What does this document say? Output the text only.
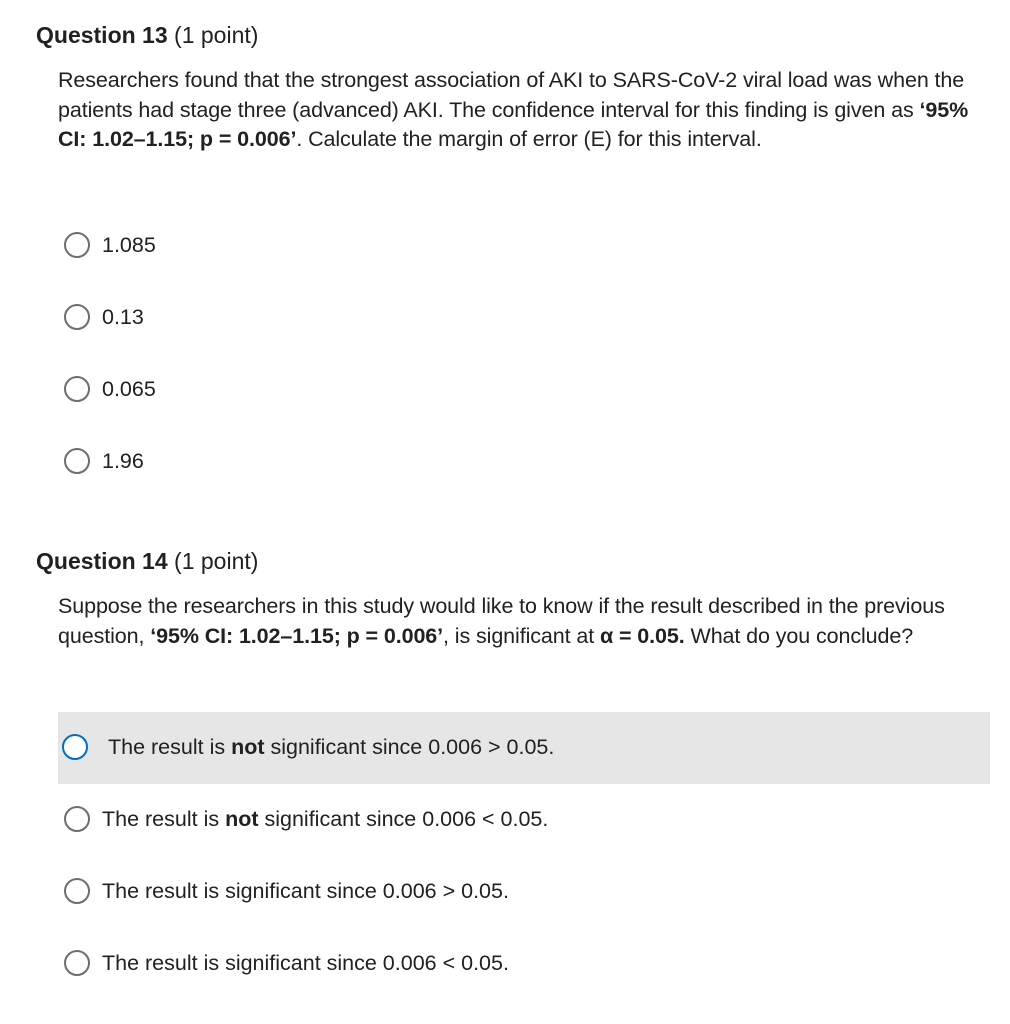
Question 13 (1 point)
Researchers found that the strongest association of AKI to SARS-CoV-2 viral load was when the patients had stage three (advanced) AKI. The confidence interval for this finding is given as ‘95% CI: 1.02–1.15; p = 0.006’. Calculate the margin of error (E) for this interval.
1.085
0.13
0.065
1.96
Question 14 (1 point)
Suppose the researchers in this study would like to know if the result described in the previous question, ‘95% CI: 1.02–1.15; p = 0.006’, is significant at α = 0.05. What do you conclude?
The result is not significant since 0.006 > 0.05.
The result is not significant since 0.006 < 0.05.
The result is significant since 0.006 > 0.05.
The result is significant since 0.006 < 0.05.
